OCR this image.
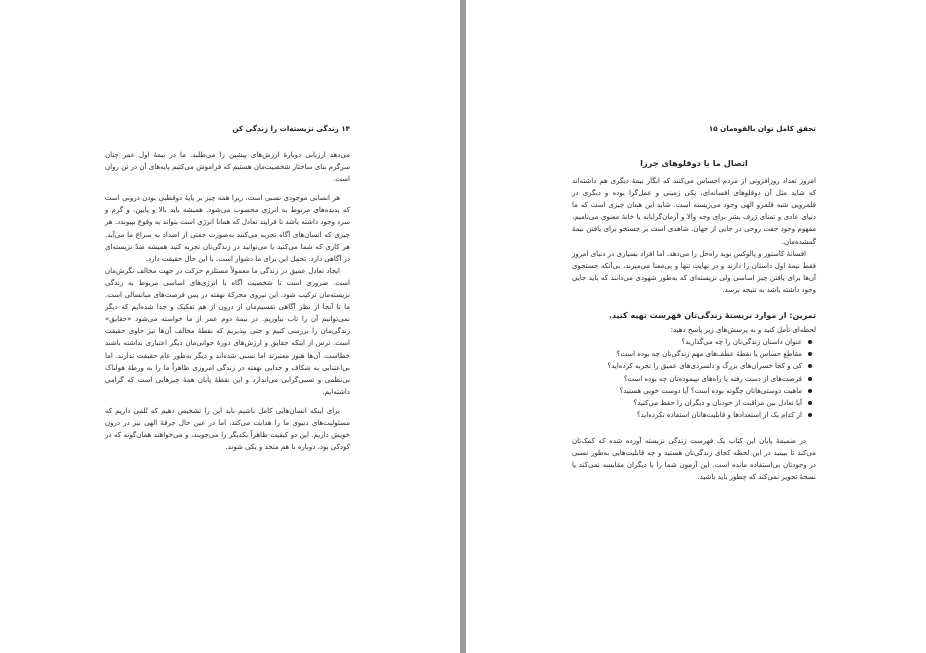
۱۴ زندگی نزیسته‌ات را زندگی کن

می‌دهد ارزیابی دوبارهٔ ارزش‌های پیشین را می‌طلبد. ما در نیمهٔ اول عمر چنان سرگرم بنای ساختار شخصیت‌مان هستیم که فراموش می‌کنیم پایه‌های آن در تن روان است.

هر انسانی موجودی نسبی است، زیرا همه چیز بر پایهٔ دوقطبی بودن درونی است که پدیده‌های مربوط به انرژی محسوب می‌شود. همیشه باید بالا و پایین، و گرم و سرد وجود داشته باشد تا فرایند تعادل که همانا انرژی است بتواند به وقوع بپیوندد. هر چیزی که انسان‌های آگاه تجربه می‌کنند به‌صورت جفتی از اضداد به سراغ ما می‌آید. هر کاری که شما می‌کنید یا می‌توانید در زندگی‌تان تجربه کنید همیشه ضدّ نزیسته‌ای در آگاهی دارد. تحمل این برای ما دشوار است. با این حال حقیقت دارد.

ایجاد تعادل عمیق در زندگی ما معمولاً مستلزم حرکت در جهت مخالف نگرش‌مان است. ضروری است تا شخصیت آگاه با انرژی‌های اساسی مربوط به زندگی نزیسته‌مان ترکیب شود. این نیروی محرکهٔ نهفته در پس فرصت‌های میانسالی است. ما تا آنجا از نظر آگاهی تقسیم‌مان از درون از هم تفکیک و جدا شده‌ایم که دیگر نمی‌توانیم آن را تاب بیاوریم. در نیمهٔ دوم عمر از ما خواسته می‌شود «حقایق» زندگی‌مان را بررسی کنیم و حتی بپذیریم که نقطهٔ مخالف آن‌ها نیز حاوی حقیقت است. ترس از اینکه حقایق و ارزش‌های دورهٔ جوانی‌مان دیگر اعتباری نداشته باشند خطاست. آن‌ها هنوز معتبرند اما نسبی شده‌اند و دیگر به‌طور عام حقیقت ندارند. اما بی‌اعتنایی به شکاف و جدایی نهفته در زندگی امروزی ظاهراً ما را به ورطهٔ هولناک بی‌نظمی و نسبی‌گرایی می‌اندازد و این نقطهٔ پایان همهٔ چیزهایی است که گرامی داشته‌ایم.

برای اینکه انسان‌هایی کامل باشیم باید این را تشخیص دهیم که تُلمی داریم که مسئولیت‌های دنیوی ما را هدایت می‌کند، اما در عین حال جرقهٔ الهی نیز در درون خویش داریم. این دو کیفیت ظاهراً یکدیگر را می‌جویند، و می‌خواهند همان‌گونه که در کودکی بود، دوباره با هم متحد و یکی شوند.

تحقق کامل توان بالقوه‌مان ۱۵
اتصال ما با دوقلوهای جرزا

امروز تعداد روزافزونی از مردم احساس می‌کنند که انگار نیمهٔ دیگری هم داشته‌اند که شاید مثل آن دوقلوهای افسانه‌ای، یکی زمینی و عمل‌گرا بوده و دیگری در قلمرویی شبه قلمرو الهی وجود می‌زیسته است. شاید این همان چیزی است که ما دنیای عادی و تمنای ژرف بشر برای وجه والا و آرمان‌گرایانه یا خانهٔ معنوی می‌نامیم، مفهوم وجود جفت روحی در جایی از جهان. شاهدی است بر جستجو برای یافتن نیمهٔ گمشده‌مان.

افسانهٔ کاستور و پالوکس نوید راه‌حل را می‌دهد، اما افراد بسیاری در دنیای امروز فقط نیمهٔ اول داستان را دارند و در نهایت تنها و بی‌معنا می‌میرند، بی‌آنکه جستجوی آن‌ها برای یافتن چیز اساسی ولی نزیسته‌ای که به‌طور شهودی می‌دانند که باید جایی وجود داشته باشد به نتیجه برسد.

تمرین: از موارد نزیستهٔ زندگی‌تان فهرست تهیه کنید.

لحظه‌ای تأمل کنید و به پرسش‌های زیر پاسخ دهید:

عنوان داستان زندگی‌تان را چه می‌گذارید؟
مقاطع حساس یا نقطهٔ عطف‌های مهم زندگی‌تان چه بوده است؟
کی و کجا خسران‌های بزرگ و دلسردی‌های عمیق را تجربه کرده‌اید؟
فرصت‌های از دست رفته یا راه‌های نپیموده‌تان چه بوده است؟
ماهیت دوستی‌هاتان چگونه بوده است؟ آیا دوست خوبی هستید؟
آیا تعادل بین مراقبت از خودتان و دیگران را حفظ می‌کنید؟
از کدام یک از استعدادها و قابلیت‌هاتان استفاده نکرده‌اید؟

در ضمیمهٔ پایان این کتاب یک فهرست زندگی نزیسته آورده شده که کمک‌تان می‌کند تا ببینید در این لحظه کجای زندگی‌تان هستید و چه قابلیت‌هایی به‌طور نسبی در وجودتان بی‌استفاده مانده است. این آزمون شما را با دیگران مقایسه نمی‌کند یا نسخهٔ تجویز نمی‌کند که چطور باید باشید.
